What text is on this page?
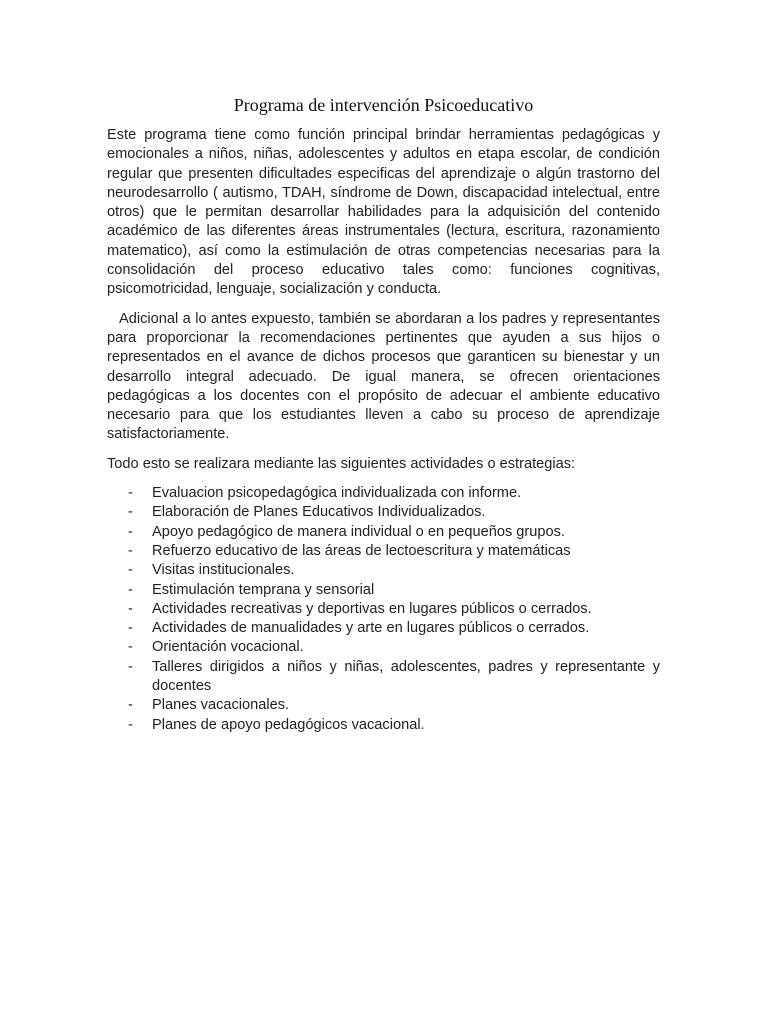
Programa de intervención Psicoeducativo

Este programa tiene como función principal brindar herramientas pedagógicas y emocionales a niños, niñas, adolescentes y adultos en etapa escolar, de condición regular que presenten dificultades especificas del aprendizaje o algún trastorno del neurodesarrollo ( autismo, TDAH, síndrome de Down, discapacidad intelectual, entre otros) que le permitan desarrollar habilidades para la adquisición del contenido académico de las diferentes áreas instrumentales (lectura, escritura, razonamiento matematico), así como la estimulación de otras competencias necesarias para la consolidación del proceso educativo tales como: funciones cognitivas, psicomotricidad, lenguaje, socialización y conducta.

Adicional a lo antes expuesto, también se abordaran a los padres y representantes para proporcionar la recomendaciones pertinentes que ayuden a sus hijos o representados en el avance de dichos procesos que garanticen su bienestar y un desarrollo integral adecuado. De igual manera, se ofrecen orientaciones pedagógicas a los docentes con el propósito de adecuar el ambiente educativo necesario para que los estudiantes lleven a cabo su proceso de aprendizaje satisfactoriamente.

Todo esto se realizara mediante las siguientes actividades o estrategias:

- Evaluacion psicopedagógica individualizada con informe.
- Elaboración de Planes Educativos Individualizados.
- Apoyo pedagógico de manera individual o en pequeños grupos.
- Refuerzo educativo de las áreas de lectoescritura y matemáticas
- Visitas institucionales.
- Estimulación temprana y sensorial
- Actividades recreativas y deportivas en lugares públicos o cerrados.
- Actividades de manualidades y arte en lugares públicos o cerrados.
- Orientación vocacional.
- Talleres dirigidos a niños y niñas, adolescentes, padres y representante y docentes
- Planes vacacionales.
- Planes de apoyo pedagógicos vacacional.
